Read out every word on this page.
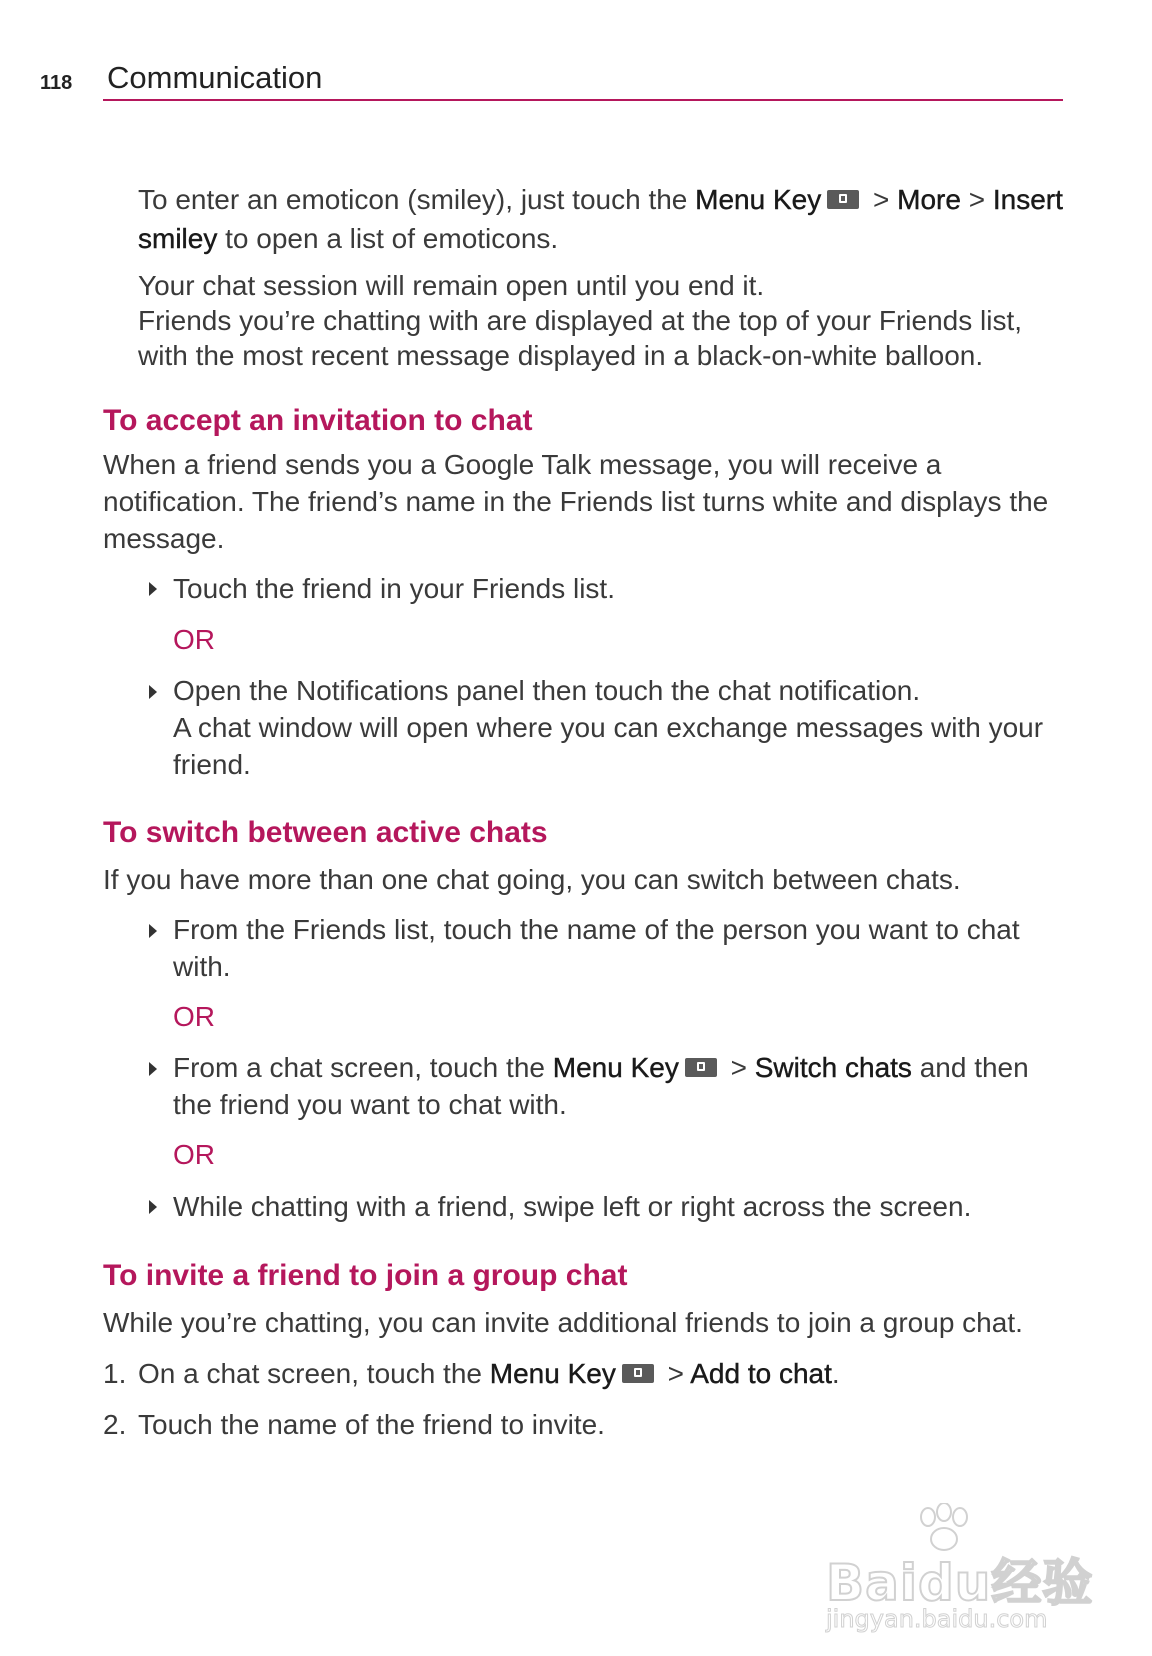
118 Communication

To enter an emoticon (smiley), just touch the Menu Key > More > Insert smiley to open a list of emoticons.

Your chat session will remain open until you end it.
Friends you’re chatting with are displayed at the top of your Friends list, with the most recent message displayed in a black-on-white balloon.

To accept an invitation to chat

When a friend sends you a Google Talk message, you will receive a notification. The friend’s name in the Friends list turns white and displays the message.

Touch the friend in your Friends list.

OR

Open the Notifications panel then touch the chat notification.
A chat window will open where you can exchange messages with your friend.
To switch between active chats

If you have more than one chat going, you can switch between chats.

From the Friends list, touch the name of the person you want to chat with.

OR

From a chat screen, touch the Menu Key > Switch chats and then the friend you want to chat with.

OR

While chatting with a friend, swipe left or right across the screen.
To invite a friend to join a group chat

While you’re chatting, you can invite additional friends to join a group chat.

1. On a chat screen, touch the Menu Key > Add to chat.
2. Touch the name of the friend to invite.
Baidu经验
jingyan.baidu.com
